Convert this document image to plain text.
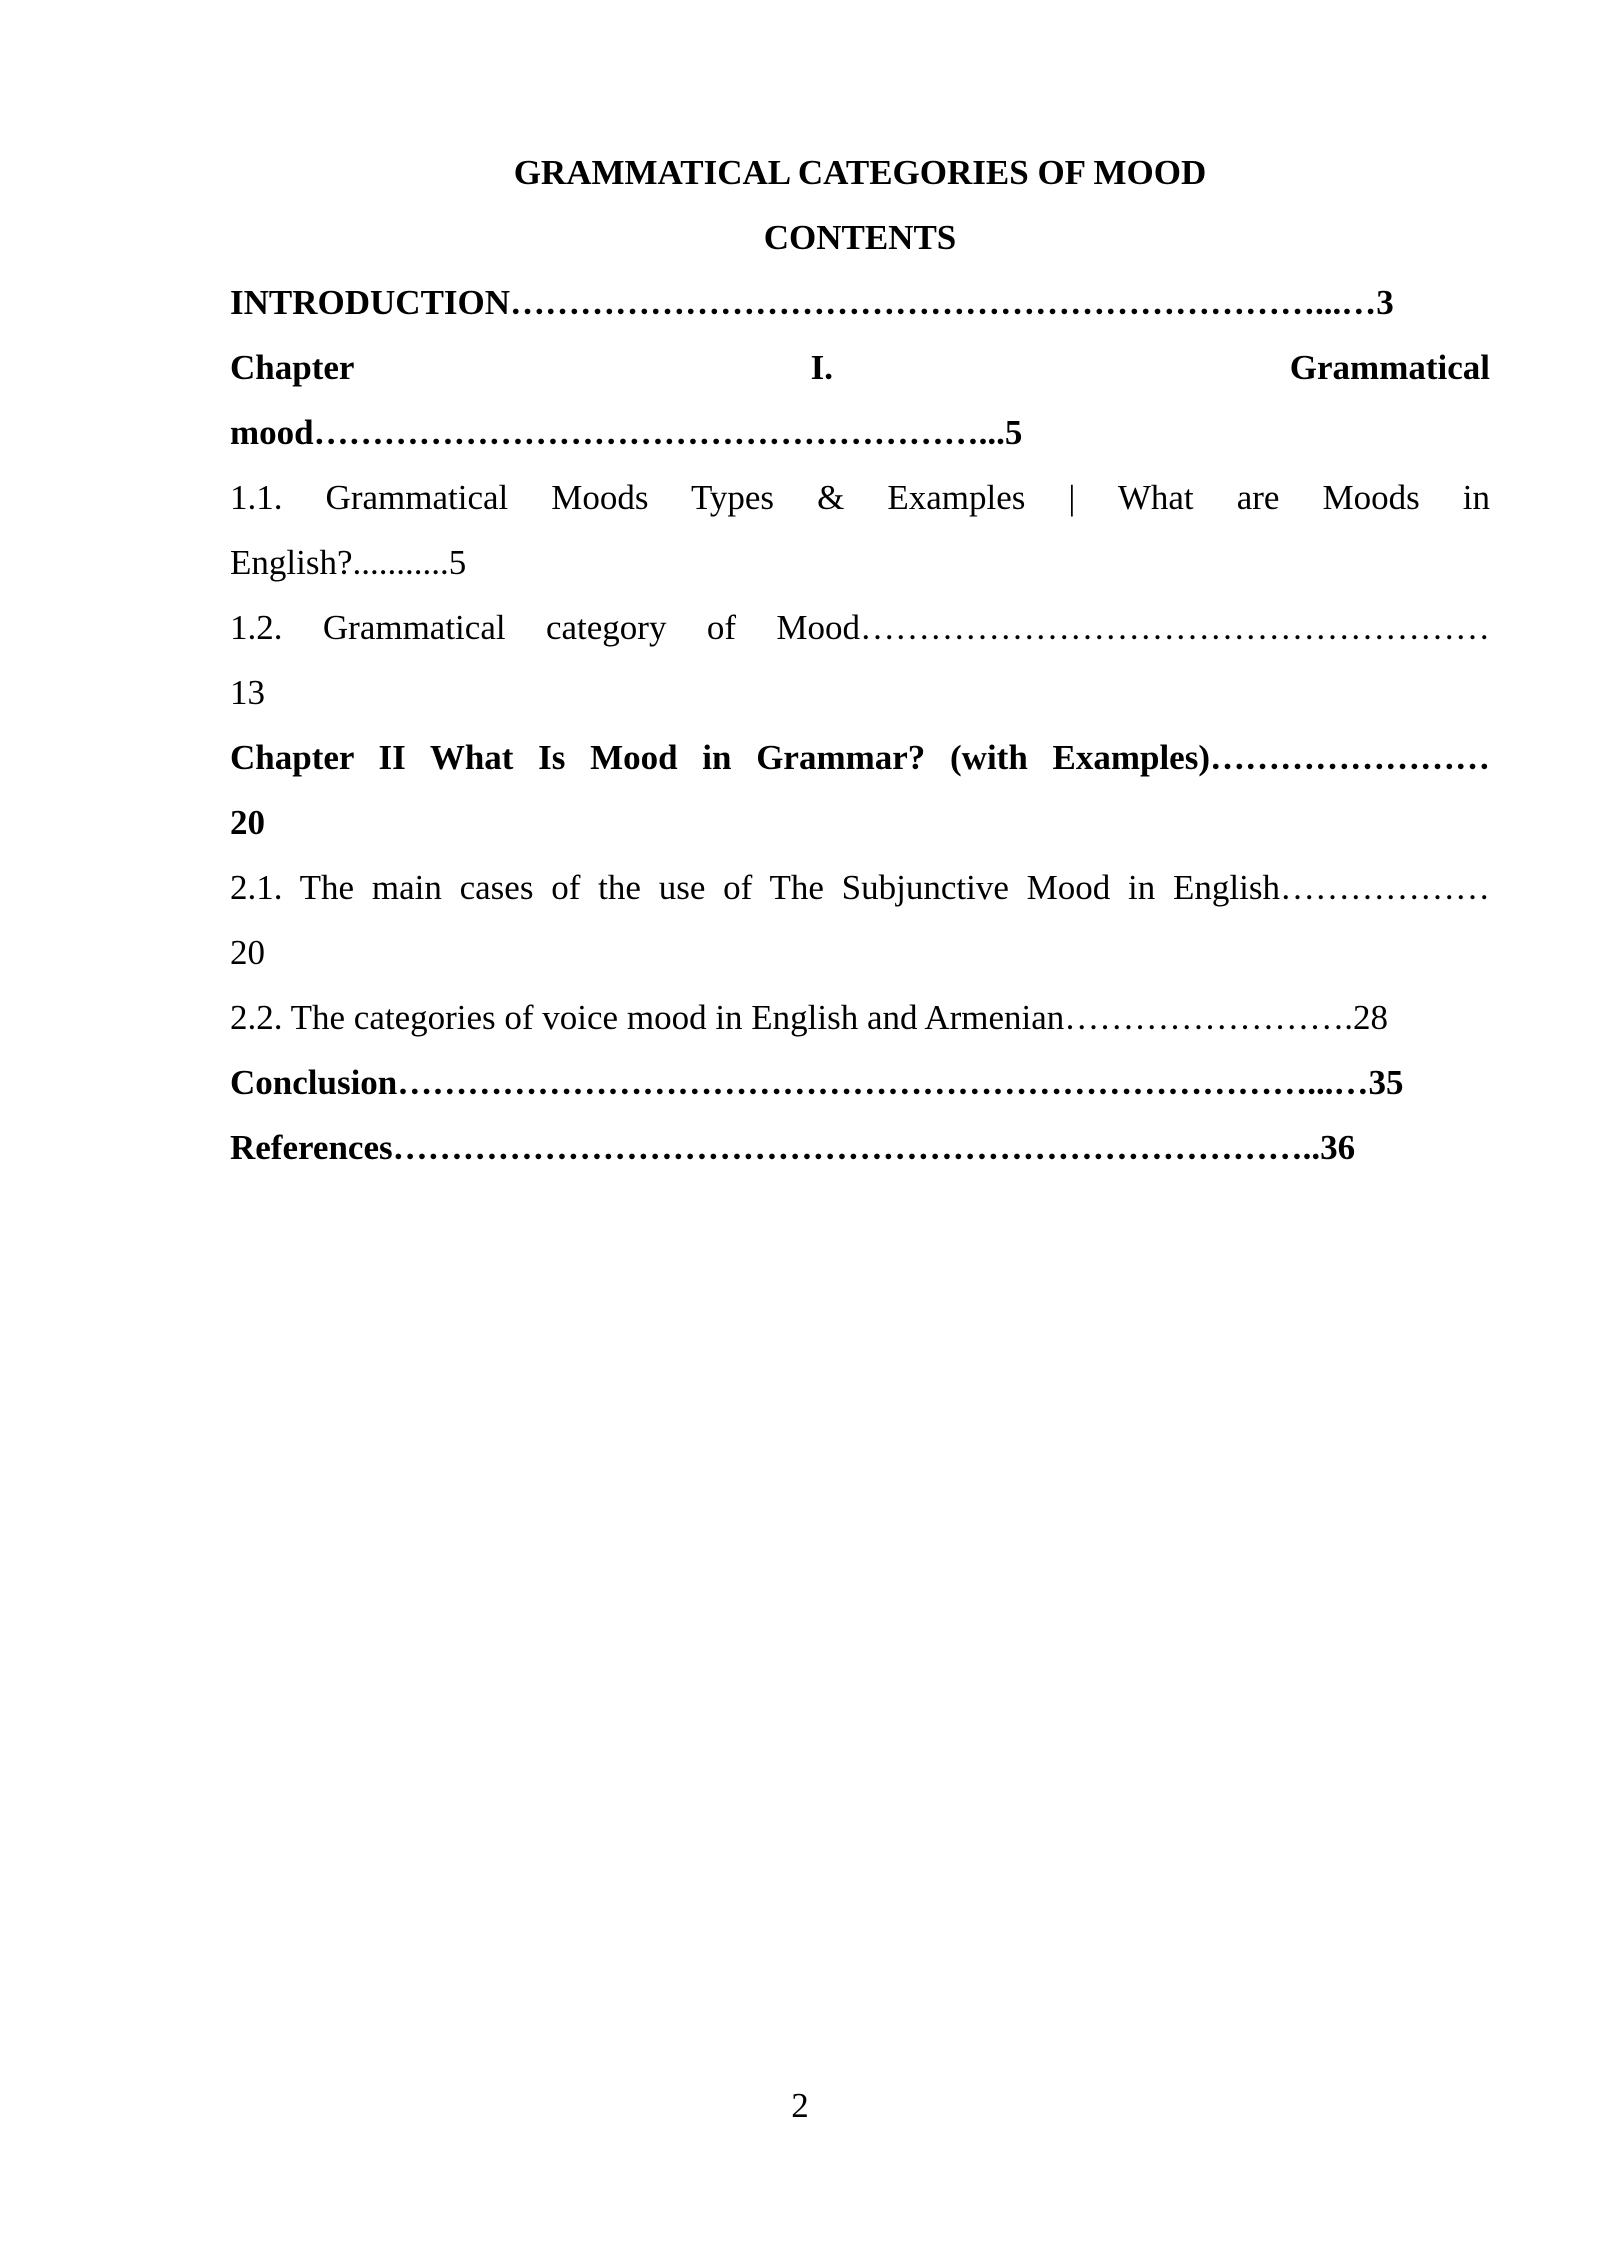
GRAMMATICAL CATEGORIES OF MOOD
CONTENTS
INTRODUCTION……………………………………………………………...…3
Chapter I. Grammatical
mood…………………………………………………...5
1.1. Grammatical Moods Types & Examples | What are Moods in
English?...........5
1.2. Grammatical category of Mood………………………………………………
13
Chapter II What Is Mood in Grammar? (with Examples)……………………
20
2.1. The main cases of the use of The Subjunctive Mood in English………………
20
2.2. The categories of voice mood in English and Armenian…………………….28
Conclusion……………………………………………………………………...…35
References……………………………………………………………………..36
2
